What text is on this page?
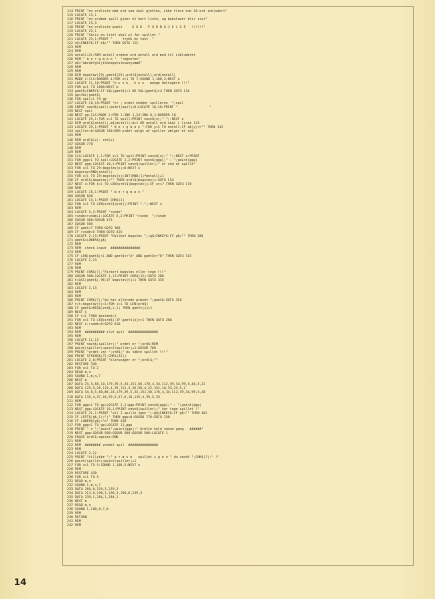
114 PRINT "en ordliste med ord som skal gjettes, ikke flere enn 20 ord inkludert"
115 LOCATE 15,1
116 PRINT "en ordbok spill giver et kort liste, og bokstaver blir vist"
117 LOCATE 15,3
118 PRINT "en ordliste punkt     G O D   F O R N O J E L S E   !!!!!!"
119 LOCATE 22,1
120 PRINT "Skriv en titel skal ut for spillet "
121 LOCATE 23,1:PRINT "     trykk en tast  "
122 e$=INKEY$:IF e$="" THEN GOTO 122
123 REM
124 REM
125 antall=21:REM antall ordene ord antall ord med til inkluderet
126 REM " b e r g m a n "  "regnelen"
127 a$="abcdefghijklmnopqrstuvwxyzæøå"
128 REM
129 REM
130 DIM bogstav(29),gaet$(25),ordl$(antall),ord(antall)
131 MODE 1:CLS:BORDER 4:FOR x=1 TO 7:SOUND 1,100,2:NEXT x
132 LOCATE 11,10:PRINT "h u s k   h u s   mange deltagere !!!"
133 FOR p=1 TO 1000:NEXT p
134 gaet$=INKEY$:IF VAL(gaet$)<1 OR VAL(gaet$)>4 THEN GOTO 134
135 gp=VAL(gaet$)
136 FOR spil=1 TO gp
137 LOCATE 10,10:PRINT "nr ; ordet hedder spilleren  ";spil
138 INPUT navn$(spil):point(spil)=0:LOCATE 10,10:PRINT "                "
139 NEXT spil
140 NEXT gp:CLS:MODE 2:PEN 1:INK 1,24:INK 0,1:BORDER 18
141 LOCATE 25,1:FOR x=1 TO spill:PRINT navn$(x);" ";:NEXT x
142 DIM ordl$(antall),a$(antall):d=1 OR antall ord skal i linie 125
143 LOCATE 25,1:PRINT " b e r g m a n ":FOR y=1 TO antall:IF a$(y)<>"" THEN 143
144 spiller=0:GOSUB 760:REM ordet valgt af spiller vælger et ord
145 REM
146 REM ordl$(v): ord(v)
147 GOSUB 770
148 REM
149 REM
150 CLS:LOCATE 1,1:FOR x=1 TO spil:PRINT navn$(x);" ";:NEXT x:PRINT
151 FOR ggp=1 TO spil:LOCATE 2,2:PRINT navn$(ggp);" : ";point(ggp)
152 NEXT ggp:LOCATE 10,1:PRINT navn$(spiller);" er ved at spille"
153 FOR x=1 TO 29:bogstav(x)=0:NEXT x
154 bogstav=RND(antall)
155 FOR x=1 TO 29:bogstav(x)=INT(RND(1)*antall)+1
156 IF ordl$(bogstav)="" THEN ordl$(bogstav)=:GOTO 154
157 NEXT x:FOR x=1 TO LEN(ordl$(bogstav)):IF x<=7 THEN GOTO 170
158 REM
159 LOCATE 25,1:PRINT " b e r g m a n "
160 GOSUB 840
161 LOCATE 15,1:PRINT CHR$(1)
162 FOR x=1 TO LEN(ordl$(ord)):PRINT "-";:NEXT x
163 REM
164 LOCATE 5,2:PRINT "runde"
165 runde=runde+1:LOCATE 5,2:PRINT "runde  ";runde
166 GOSUB 460:GOSUB 475
167 GOSUB 505
168 IF gaet=7 THEN GOTO 360
169 IF runde=5 THEN GOTO 425
170 LOCATE 2,13:PRINT "Hvilket bogstav ";:g$=INKEY$:IF g$="" THEN 280
171 gaet$=LOWER$(g$)
172 REM
173 REM  check input  ###############
174 REM
175 IF LEN(gaet$)<1 AND gaet$<>"a" AND gaet$<>"å" THEN GOTO 315
176 LOCATE 2,13
177 REM
178 REM
179 PRINT CHR$(7);"Forkert bogstav eller tegn !!!"
180 GOSUB 500:LOCATE 2,13:PRINT CHR$(12):GOTO 280
181 t=ASC(gaet$)-96:IF bogstav(t)=1 THEN GOTO 335
182 REM
183 LOCATE 2,13
184 REM
185 REM
186 PRINT CHR$(7);"du har allerede prøvet ";gaet$:GOTO 310
187 t=t:bogstav(t)=1:FOR i=1 TO LEN(ord$)
188 IF gaet$=MID$(ord$,i,1) THEN gaett(i)=1
189 NEXT i
190 IF t=1 THEN bestemt=1
191 FOR x=1 TO LEN(ord$):IF gaett(x)<>1 THEN GOTO 260
192 NEXT i:runde=0:GOTO 610
193 REM
194 REM  ########## slut spil  ###############
195 REM
196 LOCATE 11,13
197 PRINT navn$(spiller);" ordet er ";ord$:REM
198 point(spiller)=point(spiller)+1:GOSUB 760
199 PRINT "ordet var ";ord$;" du tabte spillet !!!"
200 PRINT STRING$(72,CHR$(32))
201 LOCATE 2,8:PRINT "klarsnager er ";ordl$;""
202 RESTORE 340
203 FOR x=1 TO 2
204 READ m,n
205 SOUND 1,m,n,7
206 NEXT m
207 DATA 25,5,85,10,179,39,5,34,151,50,170,4,34,112,39,34,99,5,48,5,22
208 DATA 125,5,26,119,4,39,112,4,26,90,4,22,151,10,33,25,5,2
209 DATA 34,0,5,60,86,10,179,39,5,34,151,50,170,4,34,112,39,34,99,5,48
210 DATA 133,4,57,10,39,5,57,0,10,119,4,39,5,33
211 REM
212 FOR ggp=1 TO gp:LOCATE 2,2:ggp:PRINT navn$(ggp);" : ";point(ggp)
213 NEXT ggp:LOCATE 10,1:PRINT navn$(spiller);" har tage spillet !"
214 LOCATE 21,1:PRINT "vil I spille igen ";:g$=INKEY$:IF g$="" THEN 402
215 IF LEFT$(g$,1)="j" THEN ggp=0:GOSUB 770:GOTO 150
216 IF LOWER$(g$)="n" THEN 430
217 FOR ggp=1 TO gp:LOCATE 11,ggp
218 PRINT " s ";"point":point(ggp):" Ordlie held nanne gang   ######"
219 NEXT ggp:GOSUB 500:GOSUB 500:GOSUB 500:LOCATE 1
220 ERASE ordl$:ogstav:END
221 REM
222 REM  ######## vundet spil  ###############
223 REM
224 LOCATE 2,12
225 PRINT "tillykke ";" p r ø v e   spillet i g e n " du vandt ";CHR$(7):" !"
226 point(spiller)=point(spiller)+1
227 FOR x=1 TO 5:SOUND 1,100,5:NEXT x
228 REM
229 RESTORE 430
230 FOR x=1 TO 5
231 READ m,n
232 SOUND 1,m,n,7
233 DATA 284,6,239,3,239,3
234 DATA 213,6,190,3,190,3,190,6,239,3
235 DATA 239,1,284,1,284,1
236 NEXT m
237 READ m,n
238 SOUND 1,100,0,7,0
239 REM
240 RETURN
241 REM
242 REM
14
